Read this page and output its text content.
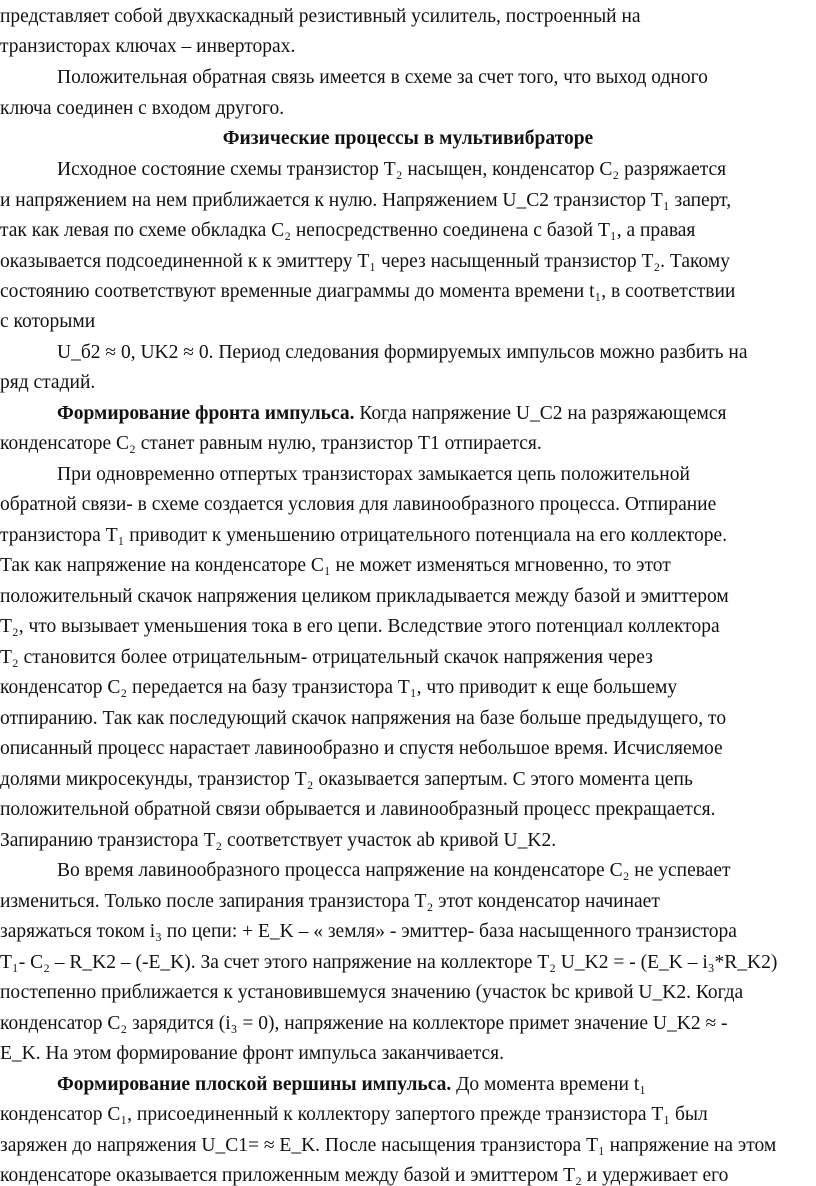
представляет собой двухкаскадный резистивный усилитель, построенный на
транзисторах ключах – инверторах.
Положительная обратная связь имеется в схеме за счет того, что выход одного
ключа соединен с входом другого.
Физические процессы в мультивибраторе
Исходное состояние схемы транзистор Т₂ насыщен, конденсатор С₂ разряжается
и напряжением на нем приближается к нулю. Напряжением U_C2 транзистор Т₁ заперт,
так как левая по схеме обкладка С₂ непосредственно соединена с базой Т₁, а правая
оказывается подсоединенной к к эмиттеру Т₁ через насыщенный транзистор Т₂. Такому
состоянию соответствуют временные диаграммы до момента времени t₁, в соответствии
с которыми
U_б2 ≈ 0, UK2 ≈ 0. Период следования формируемых импульсов можно разбить на
ряд стадий.
Формирование фронта импульса. Когда напряжение U_C2 на разряжающемся
конденсаторе С₂ станет равным нулю, транзистор Т1 отпирается.
При одновременно отпертых транзисторах замыкается цепь положительной
обратной связи- в схеме создается условия для лавинообразного процесса. Отпирание
транзистора Т₁ приводит к уменьшению отрицательного потенциала на его коллекторе.
Так как напряжение на конденсаторе С₁ не может изменяться мгновенно, то этот
положительный скачок напряжения целиком прикладывается между базой и эмиттером
Т₂, что вызывает уменьшения тока в его цепи. Вследствие этого потенциал коллектора
Т₂ становится более отрицательным- отрицательный скачок напряжения через
конденсатор С₂ передается на базу транзистора Т₁, что приводит к еще большему
отпиранию. Так как последующий скачок напряжения на базе больше предыдущего, то
описанный процесс нарастает лавинообразно и спустя небольшое время. Исчисляемое
долями микросекунды, транзистор Т₂ оказывается запертым. С этого момента цепь
положительной обратной связи обрывается и лавинообразный процесс прекращается.
Запиранию транзистора Т₂ соответствует участок ab кривой U_K2.
Во время лавинообразного процесса напряжение на конденсаторе С₂ не успевает
измениться. Только после запирания транзистора Т₂ этот конденсатор начинает
заряжаться током i₃ по цепи: + E_K – « земля» - эмиттер- база насыщенного транзистора
Т₁- С₂ – R_K2 – (-E_K). За счет этого напряжение на коллекторе Т₂ U_K2 = - (E_K – i₃*R_K2)
постепенно приближается к установившемуся значению (участок bc кривой U_K2. Когда
конденсатор С₂ зарядится (i₃ = 0), напряжение на коллекторе примет значение U_K2 ≈ -
E_K. На этом формирование фронт импульса заканчивается.
Формирование плоской вершины импульса. До момента времени t₁
конденсатор С₁, присоединенный к коллектору запертого прежде транзистора Т₁ был
заряжен до напряжения U_C1= ≈ E_K. После насыщения транзистора Т₁ напряжение на этом
конденсаторе оказывается приложенным между базой и эмиттером Т₂ и удерживает его
